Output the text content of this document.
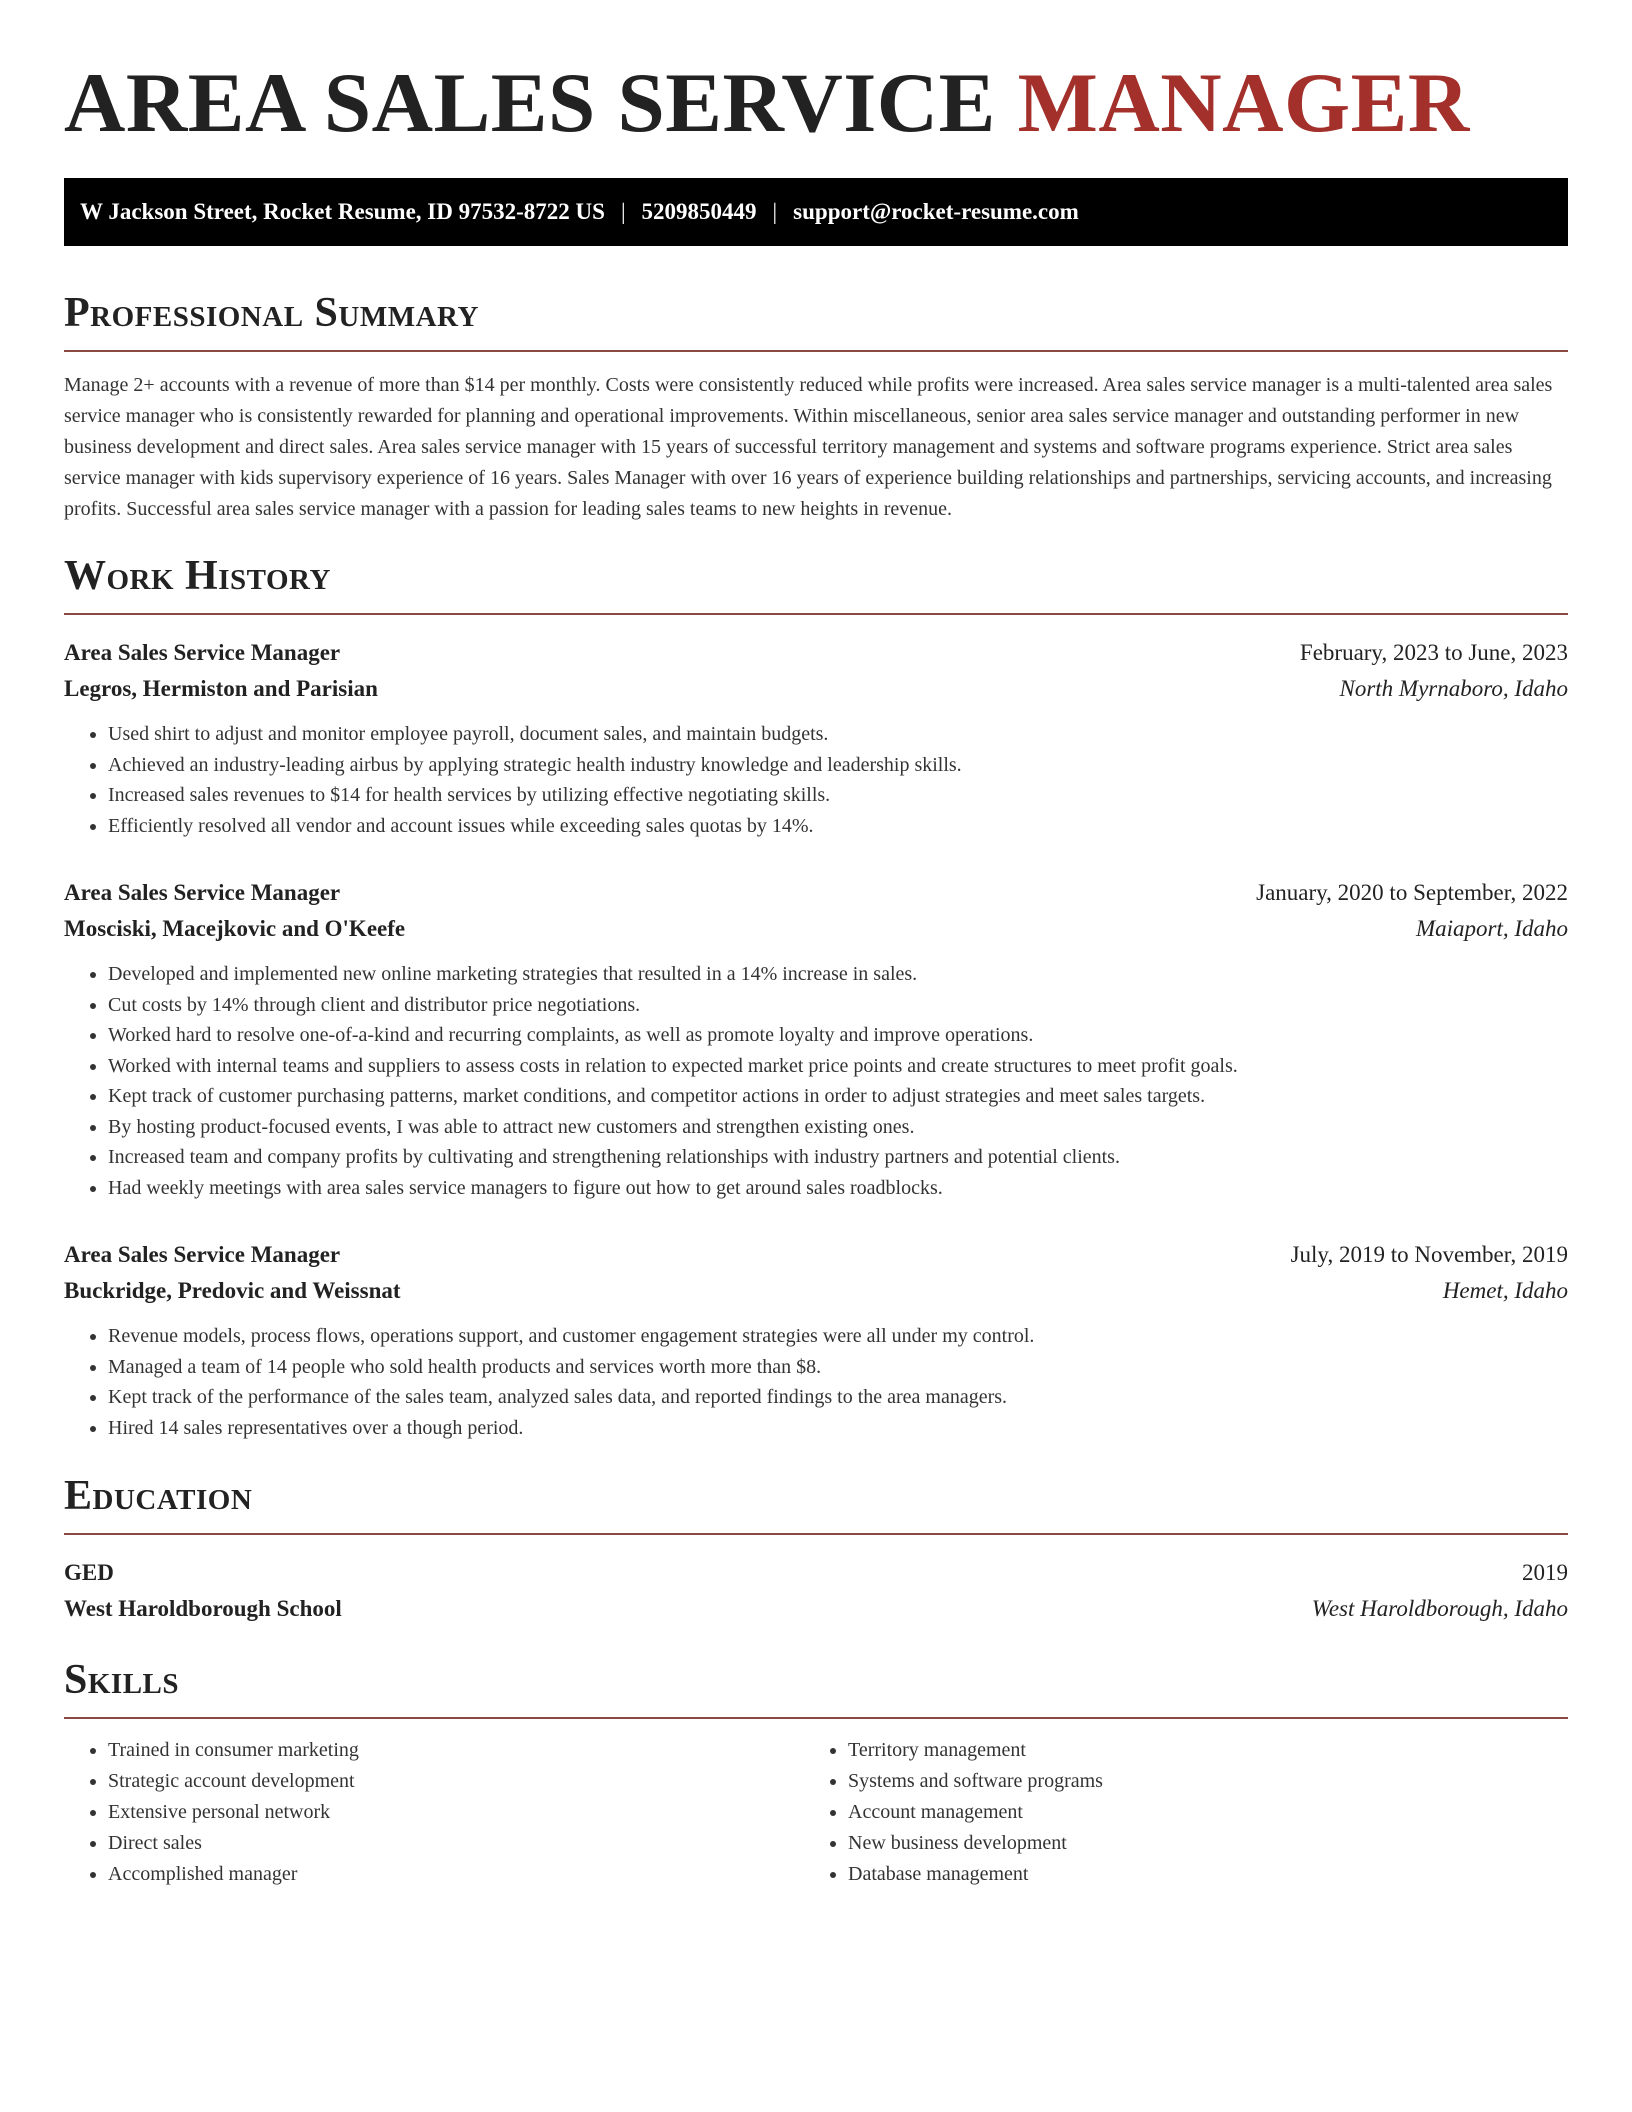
AREA SALES SERVICE MANAGER
W Jackson Street, Rocket Resume, ID 97532-8722 US | 5209850449 | support@rocket-resume.com
Professional Summary

Manage 2+ accounts with a revenue of more than $14 per monthly. Costs were consistently reduced while profits were increased. Area sales service manager is a multi-talented area sales service manager who is consistently rewarded for planning and operational improvements. Within miscellaneous, senior area sales service manager and outstanding performer in new business development and direct sales. Area sales service manager with 15 years of successful territory management and systems and software programs experience. Strict area sales service manager with kids supervisory experience of 16 years. Sales Manager with over 16 years of experience building relationships and partnerships, servicing accounts, and increasing profits. Successful area sales service manager with a passion for leading sales teams to new heights in revenue.

Work History
Area Sales Service Manager	February, 2023 to June, 2023
Legros, Hermiston and Parisian	North Myrnaboro, Idaho
• Used shirt to adjust and monitor employee payroll, document sales, and maintain budgets.
• Achieved an industry-leading airbus by applying strategic health industry knowledge and leadership skills.
• Increased sales revenues to $14 for health services by utilizing effective negotiating skills.
• Efficiently resolved all vendor and account issues while exceeding sales quotas by 14%.
Area Sales Service Manager	January, 2020 to September, 2022
Mosciski, Macejkovic and O'Keefe	Maiaport, Idaho
• Developed and implemented new online marketing strategies that resulted in a 14% increase in sales.
• Cut costs by 14% through client and distributor price negotiations.
• Worked hard to resolve one-of-a-kind and recurring complaints, as well as promote loyalty and improve operations.
• Worked with internal teams and suppliers to assess costs in relation to expected market price points and create structures to meet profit goals.
• Kept track of customer purchasing patterns, market conditions, and competitor actions in order to adjust strategies and meet sales targets.
• By hosting product-focused events, I was able to attract new customers and strengthen existing ones.
• Increased team and company profits by cultivating and strengthening relationships with industry partners and potential clients.
• Had weekly meetings with area sales service managers to figure out how to get around sales roadblocks.
Area Sales Service Manager	July, 2019 to November, 2019
Buckridge, Predovic and Weissnat	Hemet, Idaho
• Revenue models, process flows, operations support, and customer engagement strategies were all under my control.
• Managed a team of 14 people who sold health products and services worth more than $8.
• Kept track of the performance of the sales team, analyzed sales data, and reported findings to the area managers.
• Hired 14 sales representatives over a though period.
Education
GED	2019
West Haroldborough School	West Haroldborough, Idaho
Skills
• Trained in consumer marketing
• Strategic account development
• Extensive personal network
• Direct sales
• Accomplished manager
• Territory management
• Systems and software programs
• Account management
• New business development
• Database management
